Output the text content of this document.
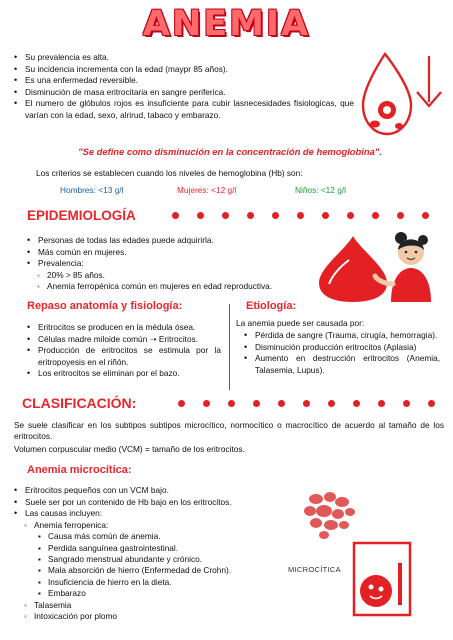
ANEMIA
• Su prevalencia es alta.
• Su incidencia incrementa con la edad (maypr 85 años).
• Es una enfermedad reversible.
• Disminución de masa eritrocitaria en sangre periferica.
• El numero de glóbulos rojos es insuficiente para cubir lasnecesidades fisiologicas, que varían con la edad, sexo, alrirud, tabaco y embarazo.
"Se define como disminución en la concentración de hemoglobina".
Los criterios se establecen cuando los niveles de hemoglobina (Hb) son:
Hombres: <13 g/l	Mujeres: <12 g/l	Niños: <12 g/l
EPIDEMIOLOGÍA
• Personas de todas las edades puede adquirirla.
• Más común en mujeres.
• Prevalencia:
◦ 20% > 85 años.
◦ Anemia ferropénica común en mujeres en edad reproductiva.
Repaso anatomía y fisiología:
• Eritrocitos se producen en la médula ósea.
• Células madre miloide común ➝ Eritrocitos.
• Producción de eritrocitos se estimula por la eritropoyesis en el riñón.
• Los eritrocitos se eliminan por el bazo.
Etiología:
La anemia puede ser causada por:
• Pérdida de sangre (Trauma, cirugía, hemorragia).
• Disminución producción eritrocitos (Aplasia)
• Aumento en destrucción eritrocitos (Anemia, Talasemia, Lupus).
CLASIFICACIÓN:
Se suele clasificar en los subtipos subtipos microcítico, normocítico o macrocítico de acuerdo al tamaño de los eritrocitos.
Volumen corpuscular medio (VCM) = tamaño de los eritrocitos.
Anemia microcítica:
• Eritrocitos pequeños con un VCM bajo.
• Suele ser por un contenido de Hb bajo en los eritrocitos.
• Las causas incluyen:
◦ Anemia ferropenica:
▪ Causa más común de anemia.
▪ Perdida sanguínea gastrointestinal.
▪ Sangrado menstrual abundante y crónico.
▪ Mala absorción de hierro (Enfermedad de Crohn).
▪ Insuficiencia de hierro en la dieta.
▪ Embarazo
◦ Talasemia
◦ Intoxicación por plomo
MICROCÍTICA
